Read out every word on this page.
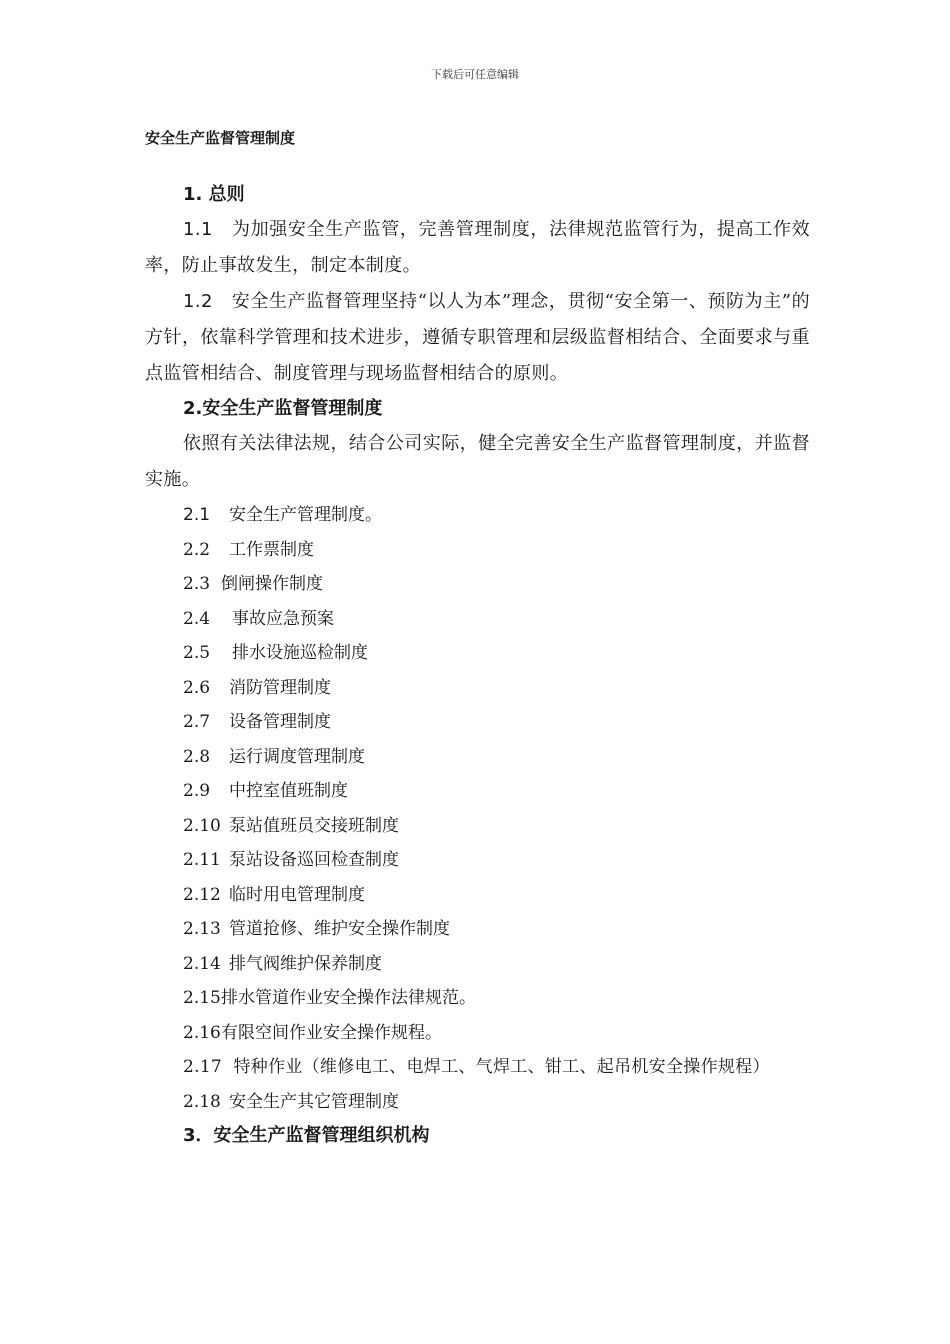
下载后可任意编辑
安全生产监督管理制度
1. 总则
1.1 为加强安全生产监管，完善管理制度，法律规范监管行为，提高工作效率，防止事故发生，制定本制度。
1.2 安全生产监督管理坚持“以人为本”理念，贯彻“安全第一、预防为主”的方针，依靠科学管理和技术进步，遵循专职管理和层级监督相结合、全面要求与重点监管相结合、制度管理与现场监督相结合的原则。
2.安全生产监督管理制度
依照有关法律法规，结合公司实际，健全完善安全生产监督管理制度，并监督实施。
2.1 安全生产管理制度。
2.2 工作票制度
2.3 倒闸操作制度
2.4 事故应急预案
2.5 排水设施巡检制度
2.6 消防管理制度
2.7 设备管理制度
2.8 运行调度管理制度
2.9 中控室值班制度
2.10 泵站值班员交接班制度
2.11 泵站设备巡回检查制度
2.12 临时用电管理制度
2.13 管道抢修、维护安全操作制度
2.14 排气阀维护保养制度
2.15排水管道作业安全操作法律规范。
2.16有限空间作业安全操作规程。
2.17 特种作业（维修电工、电焊工、气焊工、钳工、起吊机安全操作规程）
2.18 安全生产其它管理制度
3．安全生产监督管理组织机构
